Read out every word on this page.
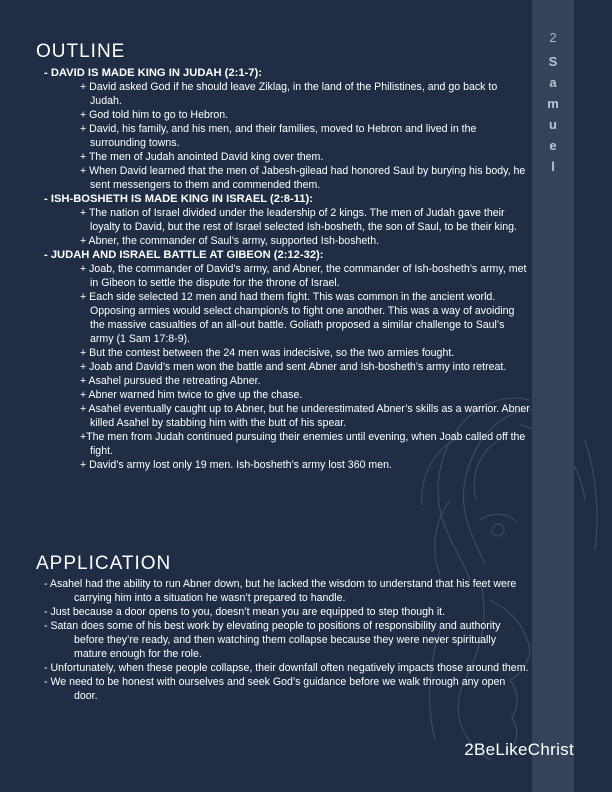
2
S
a
m
u
e
l
OUTLINE

- DAVID IS MADE KING IN JUDAH (2:1-7):

+ David asked God if he should leave Ziklag, in the land of the Philistines, and go back to Judah.

+ God told him to go to Hebron.

+ David, his family, and his men, and their families, moved to Hebron and lived in the surrounding towns.

+ The men of Judah anointed David king over them.

+ When David learned that the men of Jabesh-gilead had honored Saul by burying his body, he sent messengers to them and commended them.

- ISH-BOSHETH IS MADE KING IN ISRAEL (2:8-11):

+ The nation of Israel divided under the leadership of 2 kings. The men of Judah gave their loyalty to David, but the rest of Israel selected Ish-bosheth, the son of Saul, to be their king.

+ Abner, the commander of Saul’s army, supported Ish-bosheth.

- JUDAH AND ISRAEL BATTLE AT GIBEON (2:12-32):

+ Joab, the commander of David’s army, and Abner, the commander of Ish-bosheth’s army, met in Gibeon to settle the dispute for the throne of Israel.

+ Each side selected 12 men and had them fight. This was common in the ancient world. Opposing armies would select champion/s to fight one another. This was a way of avoiding the massive casualties of an all-out battle. Goliath proposed a similar challenge to Saul’s army (1 Sam 17:8-9).

+ But the contest between the 24 men was indecisive, so the two armies fought.

+ Joab and David’s men won the battle and sent Abner and Ish-bosheth’s army into retreat.

+ Asahel pursued the retreating Abner.

+ Abner warned him twice to give up the chase.

+ Asahel eventually caught up to Abner, but he underestimated Abner’s skills as a warrior. Abner killed Asahel by stabbing him with the butt of his spear.

+The men from Judah continued pursuing their enemies until evening, when Joab called off the fight.

+ David’s army lost only 19 men. Ish-bosheth’s army lost 360 men.

APPLICATION

- Asahel had the ability to run Abner down, but he lacked the wisdom to understand that his feet were carrying him into a situation he wasn’t prepared to handle.

- Just because a door opens to you, doesn’t mean you are equipped to step though it.

- Satan does some of his best work by elevating people to positions of responsibility and authority before they’re ready, and then watching them collapse because they were never spiritually mature enough for the role.

- Unfortunately, when these people collapse, their downfall often negatively impacts those around them.

- We need to be honest with ourselves and seek God’s guidance before we walk through any open door.

2BeLikeChrist
